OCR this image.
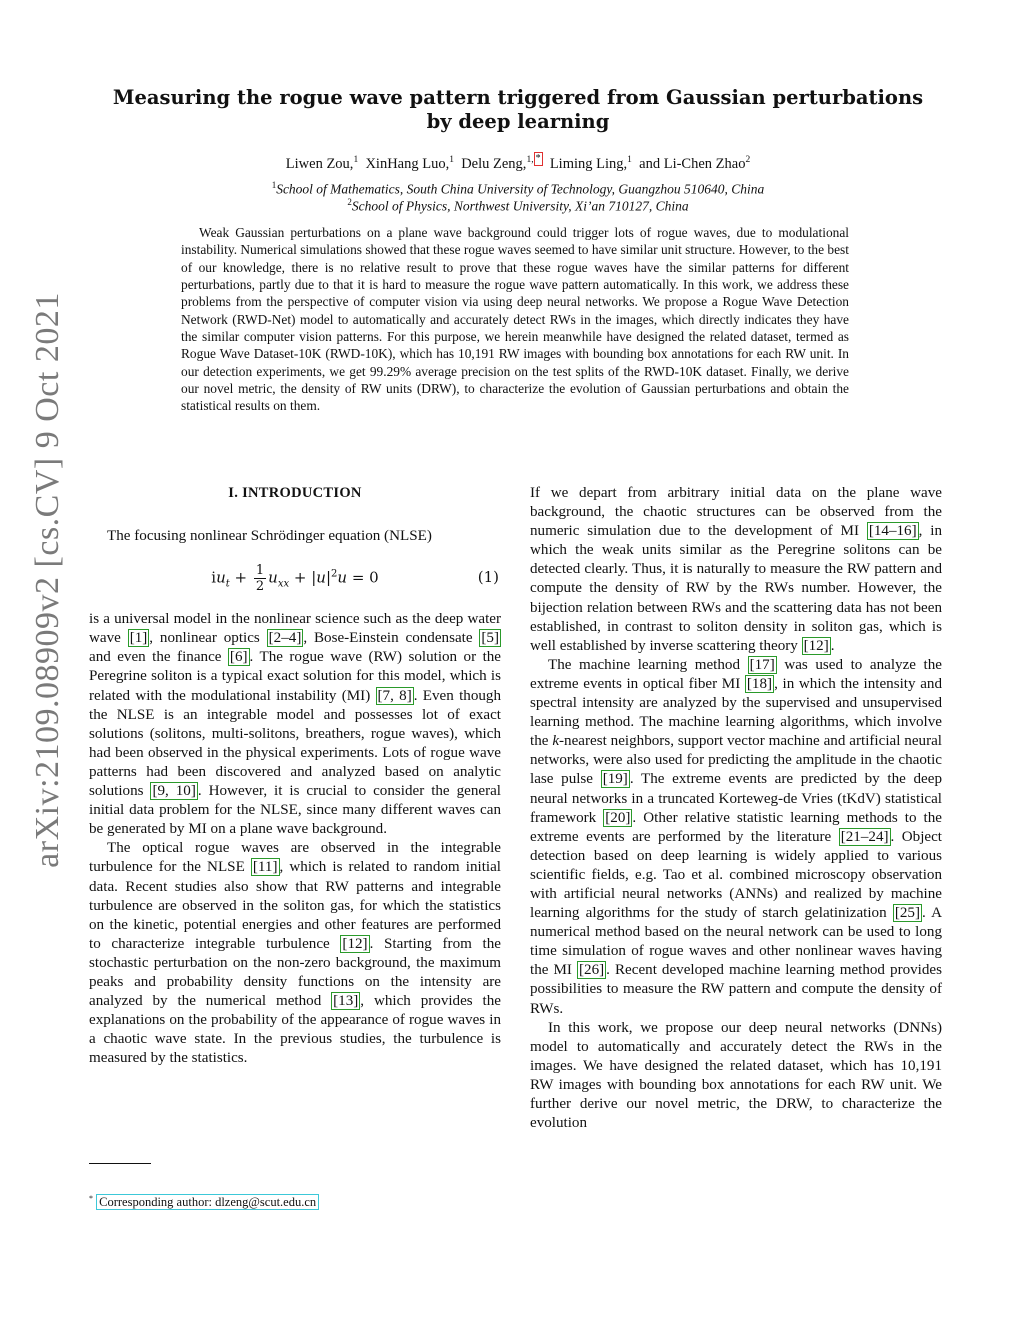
arXiv:2109.08909v2 [cs.CV] 9 Oct 2021
Measuring the rogue wave pattern triggered from Gaussian perturbations by deep learning
Liwen Zou,$^1$ XinHang Luo,$^1$ Delu Zeng,$^{1,}$ * Liming Ling,$^1$ and Li-Chen Zhao$^2$
$^1$School of Mathematics, South China University of Technology, Guangzhou 510640, China
$^2$School of Physics, Northwest University, Xi’an 710127, China

Weak Gaussian perturbations on a plane wave background could trigger lots of rogue waves, due to modulational instability. Numerical simulations showed that these rogue waves seemed to have similar unit structure. However, to the best of our knowledge, there is no relative result to prove that these rogue waves have the similar patterns for different perturbations, partly due to that it is hard to measure the rogue wave pattern automatically. In this work, we address these problems from the perspective of computer vision via using deep neural networks. We propose a Rogue Wave Detection Network (RWD-Net) model to automatically and accurately detect RWs in the images, which directly indicates they have the similar computer vision patterns. For this purpose, we herein meanwhile have designed the related dataset, termed as Rogue Wave Dataset-10K (RWD-10K), which has 10,191 RW images with bounding box annotations for each RW unit. In our detection experiments, we get 99.29% average precision on the test splits of the RWD-10K dataset. Finally, we derive our novel metric, the density of RW units (DRW), to characterize the evolution of Gaussian perturbations and obtain the statistical results on them.

I. INTRODUCTION

The focusing nonlinear Schrödinger equation (NLSE)

$iu_t + \frac{1}{2} u_{xx} + |u|^2u = 0$	(1)

is a universal model in the nonlinear science such as the deep water wave [1] , nonlinear optics [2–4] , Bose-Einstein condensate [5] and even the finance [6] . The rogue wave (RW) solution or the Peregrine soliton is a typical exact solution for this model, which is related with the modulational instability (MI) [7, 8] . Even though the NLSE is an integrable model and possesses lot of exact solutions (solitons, multi-solitons, breathers, rogue waves), which had been observed in the physical experiments. Lots of rogue wave patterns had been discovered and analyzed based on analytic solutions [9, 10] . However, it is crucial to consider the general initial data problem for the NLSE, since many different waves can be generated by MI on a plane wave background.

The optical rogue waves are observed in the integrable turbulence for the NLSE [11] , which is related to random initial data. Recent studies also show that RW patterns and integrable turbulence are observed in the soliton gas, for which the statistics on the kinetic, potential energies and other features are performed to characterize integrable turbulence [12] . Starting from the stochastic perturbation on the non-zero background, the maximum peaks and probability density functions on the intensity are analyzed by the numerical method [13] , which provides the explanations on the probability of the appearance of rogue waves in a chaotic wave state. In the previous studies, the turbulence is measured by the statistics.

If we depart from arbitrary initial data on the plane wave background, the chaotic structures can be observed from the numeric simulation due to the development of MI [14–16] , in which the weak units similar as the Peregrine solitons can be detected clearly. Thus, it is naturally to measure the RW pattern and compute the density of RW by the RWs number. However, the bijection relation between RWs and the scattering data has not been established, in contrast to soliton density in soliton gas, which is well established by inverse scattering theory [12] .

The machine learning method [17] was used to analyze the extreme events in optical fiber MI [18] , in which the intensity and spectral intensity are analyzed by the supervised and unsupervised learning method. The machine learning algorithms, which involve the k-nearest neighbors, support vector machine and artificial neural networks, were also used for predicting the amplitude in the chaotic lase pulse [19] . The extreme events are predicted by the deep neural networks in a truncated Korteweg-de Vries (tKdV) statistical framework [20] . Other relative statistic learning methods to the extreme events are performed by the literature [21–24] . Object detection based on deep learning is widely applied to various scientific fields, e.g. Tao et al. combined microscopy observation with artificial neural networks (ANNs) and realized by machine learning algorithms for the study of starch gelatinization [25] . A numerical method based on the neural network can be used to long time simulation of rogue waves and other nonlinear waves having the MI [26] . Recent developed machine learning method provides possibilities to measure the RW pattern and compute the density of RWs.

In this work, we propose our deep neural networks (DNNs) model to automatically and accurately detect the RWs in the images. We have designed the related dataset, which has 10,191 RW images with bounding box annotations for each RW unit. We further derive our novel metric, the DRW, to characterize the evolution

* Corresponding author: dlzeng@scut.edu.cn
